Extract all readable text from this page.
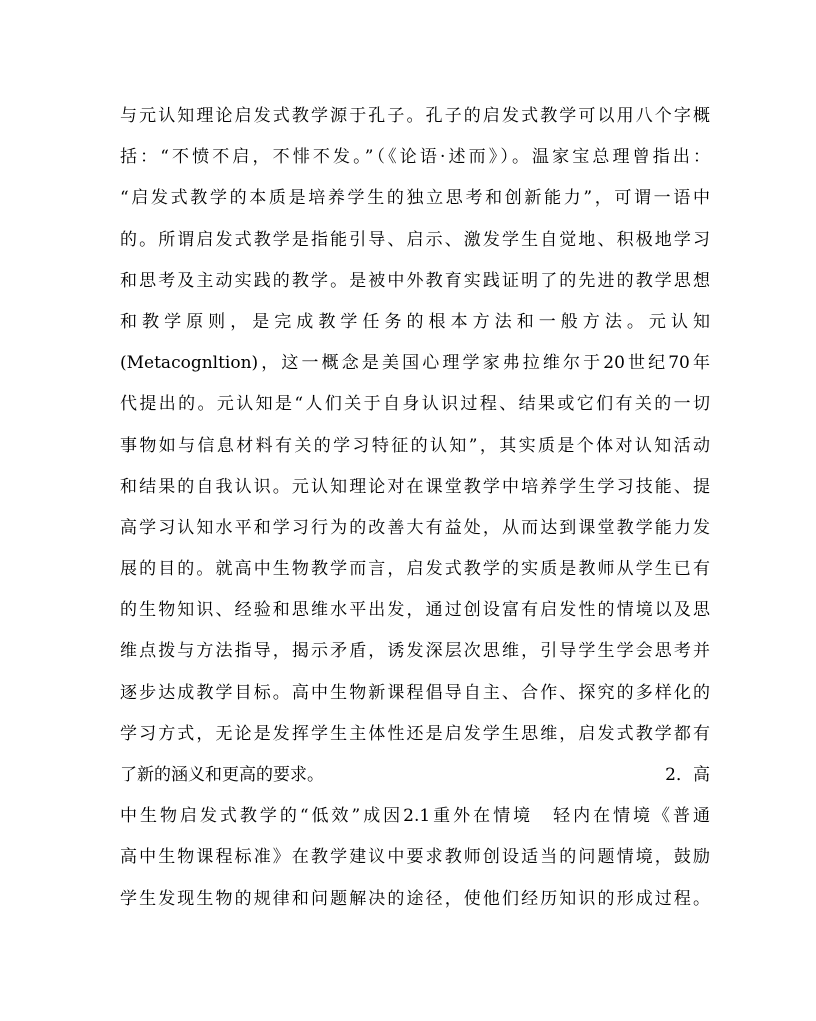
与元认知理论启发式教学源于孔子。孔子的启发式教学可以用八个字概
括：“不愤不启，不悱不发。”（《论语·述而》）。温家宝总理曾指出：
“启发式教学的本质是培养学生的独立思考和创新能力”，可谓一语中
的。所谓启发式教学是指能引导、启示、激发学生自觉地、积极地学习
和思考及主动实践的教学。是被中外教育实践证明了的先进的教学思想
和教学原则，是完成教学任务的根本方法和一般方法。元认知
(Metacognltion)，这一概念是美国心理学家弗拉维尔于20世纪70年
代提出的。元认知是“人们关于自身认识过程、结果或它们有关的一切
事物如与信息材料有关的学习特征的认知”，其实质是个体对认知活动
和结果的自我认识。元认知理论对在课堂教学中培养学生学习技能、提
高学习认知水平和学习行为的改善大有益处，从而达到课堂教学能力发
展的目的。就高中生物教学而言，启发式教学的实质是教师从学生已有
的生物知识、经验和思维水平出发，通过创设富有启发性的情境以及思
维点拨与方法指导，揭示矛盾，诱发深层次思维，引导学生学会思考并
逐步达成教学目标。高中生物新课程倡导自主、合作、探究的多样化的
学习方式，无论是发挥学生主体性还是启发学生思维，启发式教学都有
了新的涵义和更高的要求。	2．高
中生物启发式教学的“低效”成因2.1重外在情境　轻内在情境《普通
高中生物课程标准》在教学建议中要求教师创设适当的问题情境，鼓励
学生发现生物的规律和问题解决的途径，使他们经历知识的形成过程。
